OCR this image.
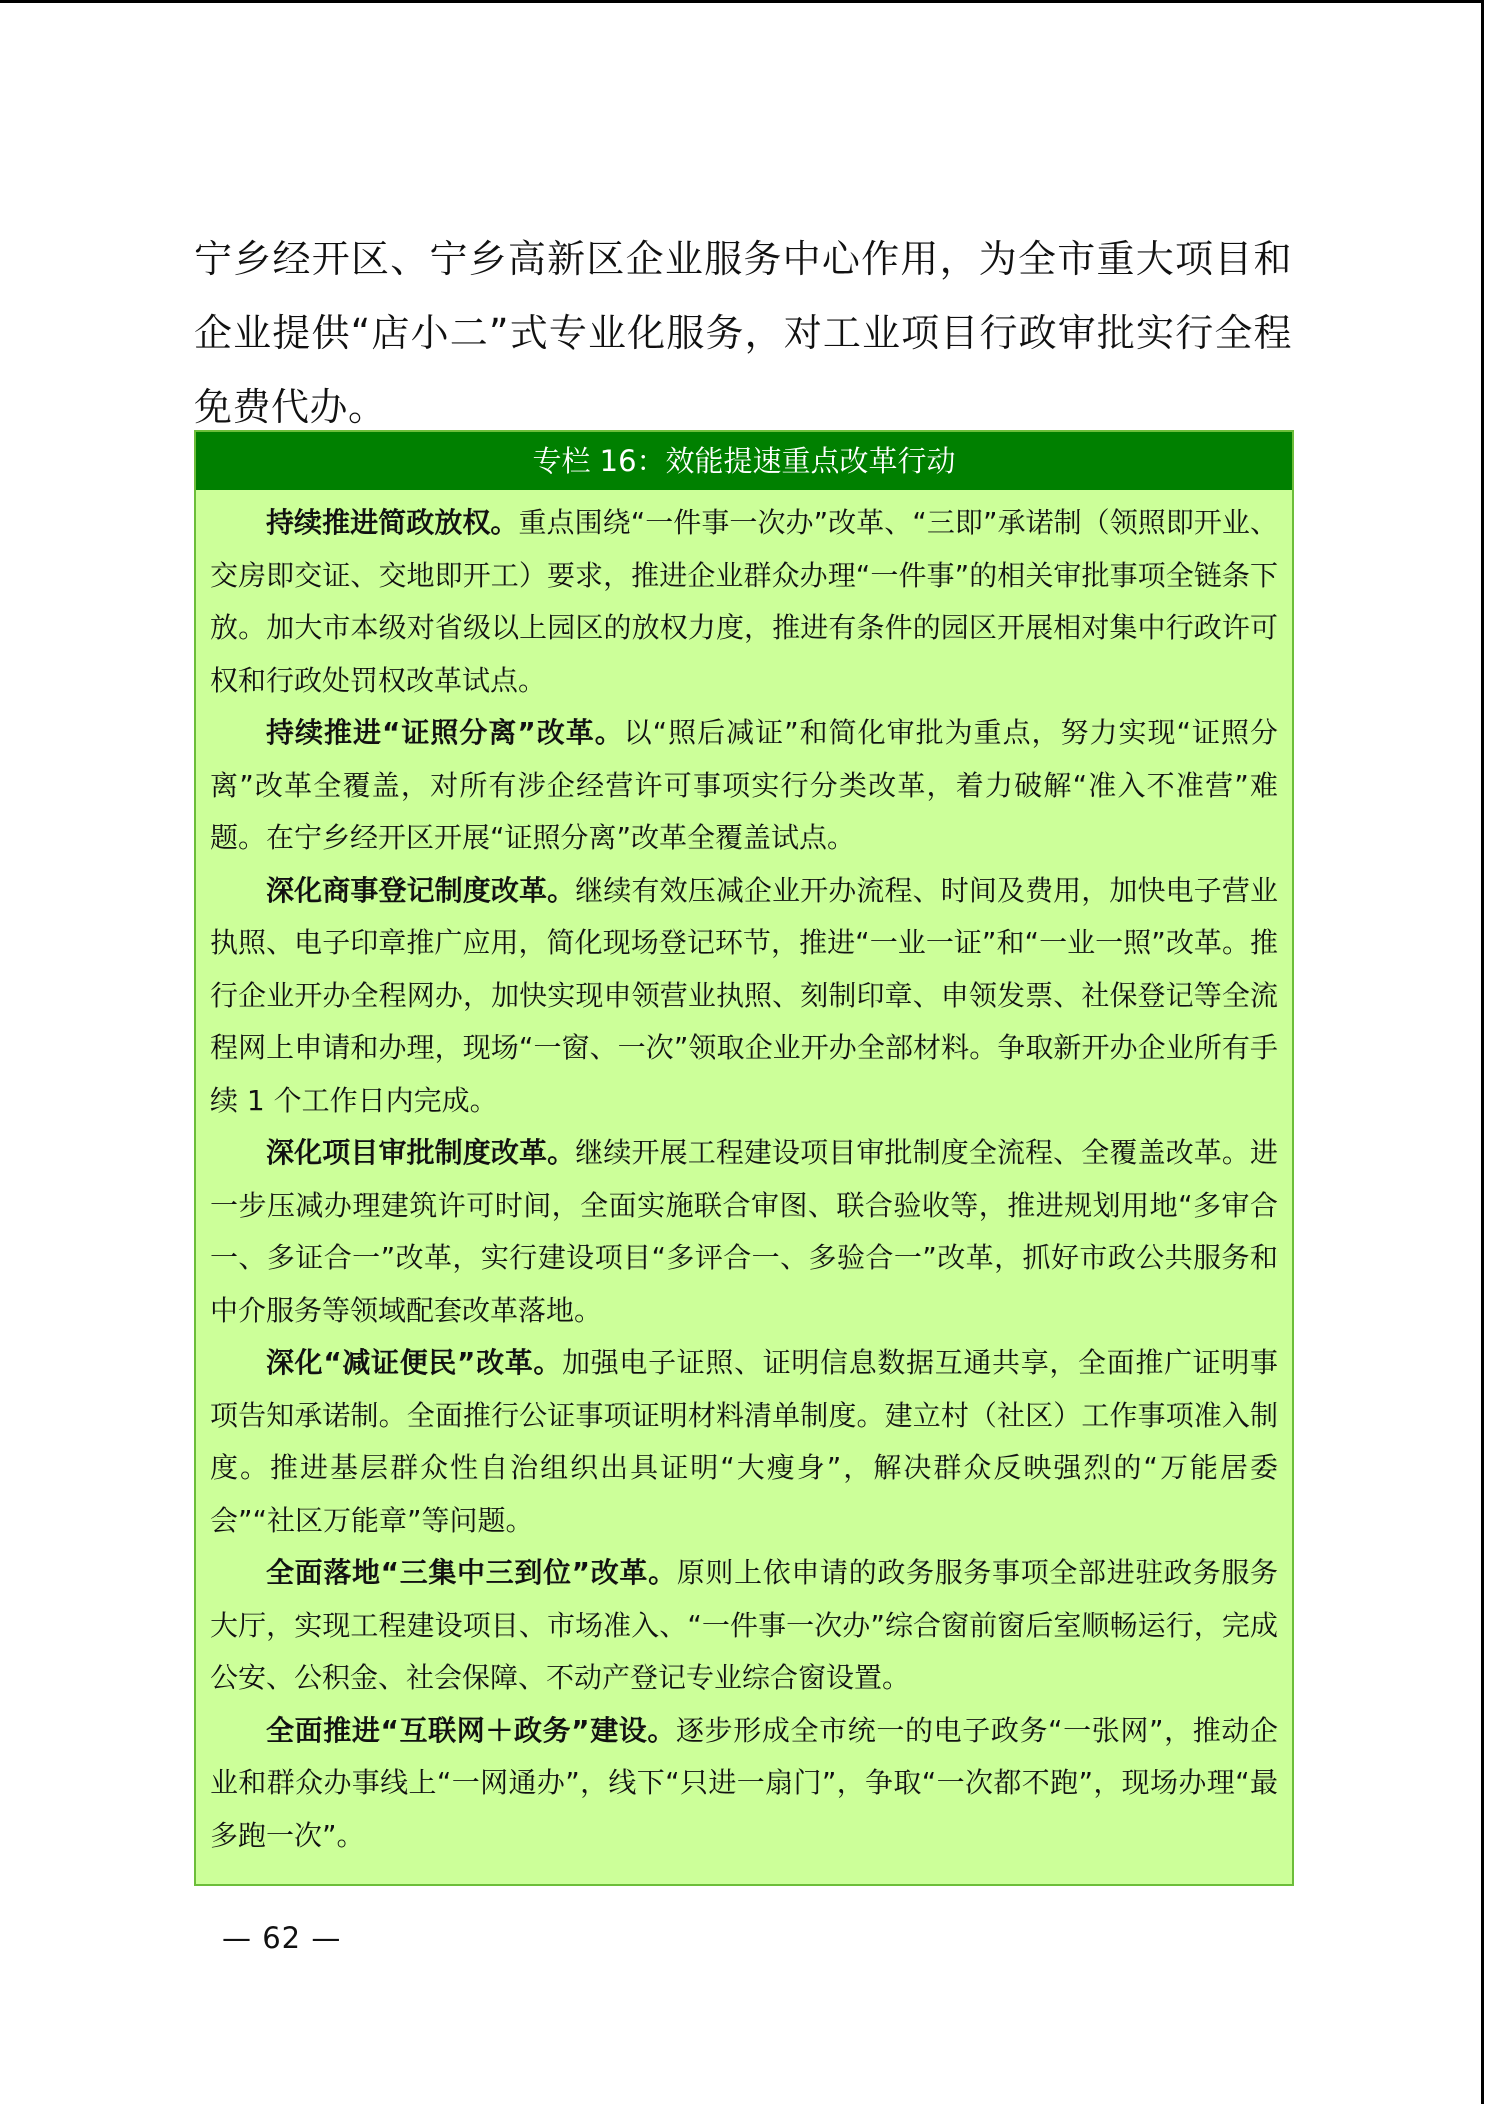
宁乡经开区、宁乡高新区企业服务中心作用，为全市重大项目和企业提供“店小二”式专业化服务，对工业项目行政审批实行全程免费代办。

专栏 16：效能提速重点改革行动

持续推进简政放权。重点围绕“一件事一次办”改革、“三即”承诺制（领照即开业、交房即交证、交地即开工）要求，推进企业群众办理“一件事”的相关审批事项全链条下放。加大市本级对省级以上园区的放权力度，推进有条件的园区开展相对集中行政许可权和行政处罚权改革试点。

持续推进“证照分离”改革。以“照后减证”和简化审批为重点，努力实现“证照分离”改革全覆盖，对所有涉企经营许可事项实行分类改革，着力破解“准入不准营”难题。在宁乡经开区开展“证照分离”改革全覆盖试点。

深化商事登记制度改革。继续有效压减企业开办流程、时间及费用，加快电子营业执照、电子印章推广应用，简化现场登记环节，推进“一业一证”和“一业一照”改革。推行企业开办全程网办，加快实现申领营业执照、刻制印章、申领发票、社保登记等全流程网上申请和办理，现场“一窗、一次”领取企业开办全部材料。争取新开办企业所有手续 1 个工作日内完成。

深化项目审批制度改革。继续开展工程建设项目审批制度全流程、全覆盖改革。进一步压减办理建筑许可时间，全面实施联合审图、联合验收等，推进规划用地“多审合一、多证合一”改革，实行建设项目“多评合一、多验合一”改革，抓好市政公共服务和中介服务等领域配套改革落地。

深化“减证便民”改革。加强电子证照、证明信息数据互通共享，全面推广证明事项告知承诺制。全面推行公证事项证明材料清单制度。建立村（社区）工作事项准入制度。推进基层群众性自治组织出具证明“大瘦身”，解决群众反映强烈的“万能居委会”“社区万能章”等问题。

全面落地“三集中三到位”改革。原则上依申请的政务服务事项全部进驻政务服务大厅，实现工程建设项目、市场准入、“一件事一次办”综合窗前窗后室顺畅运行，完成公安、公积金、社会保障、不动产登记专业综合窗设置。

全面推进“互联网＋政务”建设。逐步形成全市统一的电子政务“一张网”，推动企业和群众办事线上“一网通办”，线下“只进一扇门”，争取“一次都不跑”，现场办理“最多跑一次”。

— 62 —
